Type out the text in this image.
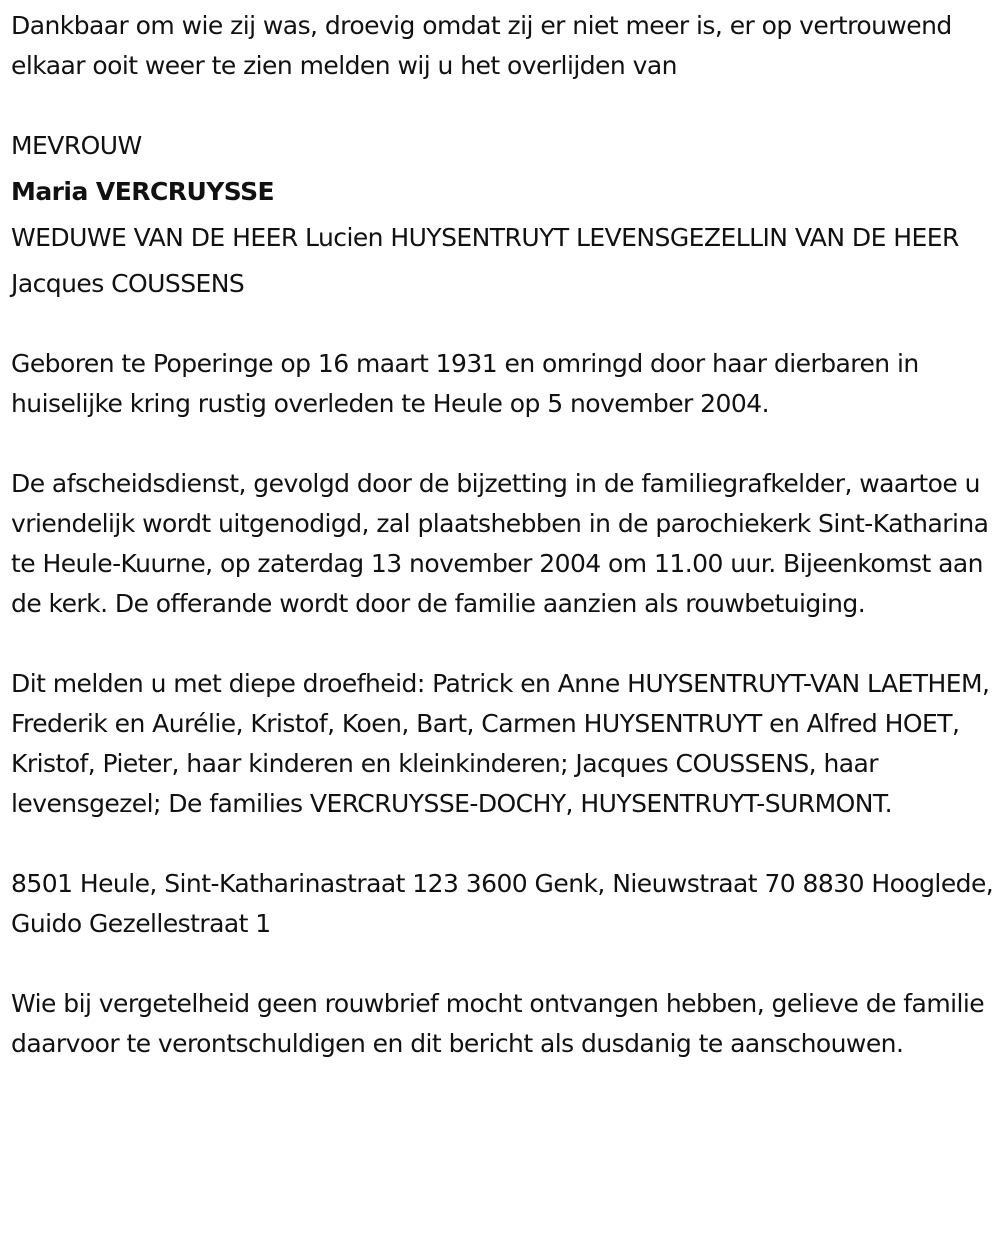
Dankbaar om wie zij was, droevig omdat zij er niet meer is, er op vertrouwend elkaar ooit weer te zien melden wij u het overlijden van

MEVROUW

Maria VERCRUYSSE

WEDUWE VAN DE HEER Lucien HUYSENTRUYT LEVENSGEZELLIN VAN DE HEER

Jacques COUSSENS

Geboren te Poperinge op 16 maart 1931 en omringd door haar dierbaren in huiselijke kring rustig overleden te Heule op 5 november 2004.

De afscheidsdienst, gevolgd door de bijzetting in de familiegrafkelder, waartoe u vriendelijk wordt uitgenodigd, zal plaatshebben in de parochiekerk Sint-Katharina te Heule-Kuurne, op zaterdag 13 november 2004 om 11.00 uur. Bijeenkomst aan de kerk. De offerande wordt door de familie aanzien als rouwbetuiging.

Dit melden u met diepe droefheid: Patrick en Anne HUYSENTRUYT-VAN LAETHEM, Frederik en Aurélie, Kristof, Koen, Bart, Carmen HUYSENTRUYT en Alfred HOET, Kristof, Pieter, haar kinderen en kleinkinderen; Jacques COUSSENS, haar levensgezel; De families VERCRUYSSE-DOCHY, HUYSENTRUYT-SURMONT.

8501 Heule, Sint-Katharinastraat 123 3600 Genk, Nieuwstraat 70 8830 Hooglede, Guido Gezellestraat 1

Wie bij vergetelheid geen rouwbrief mocht ontvangen hebben, gelieve de familie daarvoor te verontschuldigen en dit bericht als dusdanig te aanschouwen.
